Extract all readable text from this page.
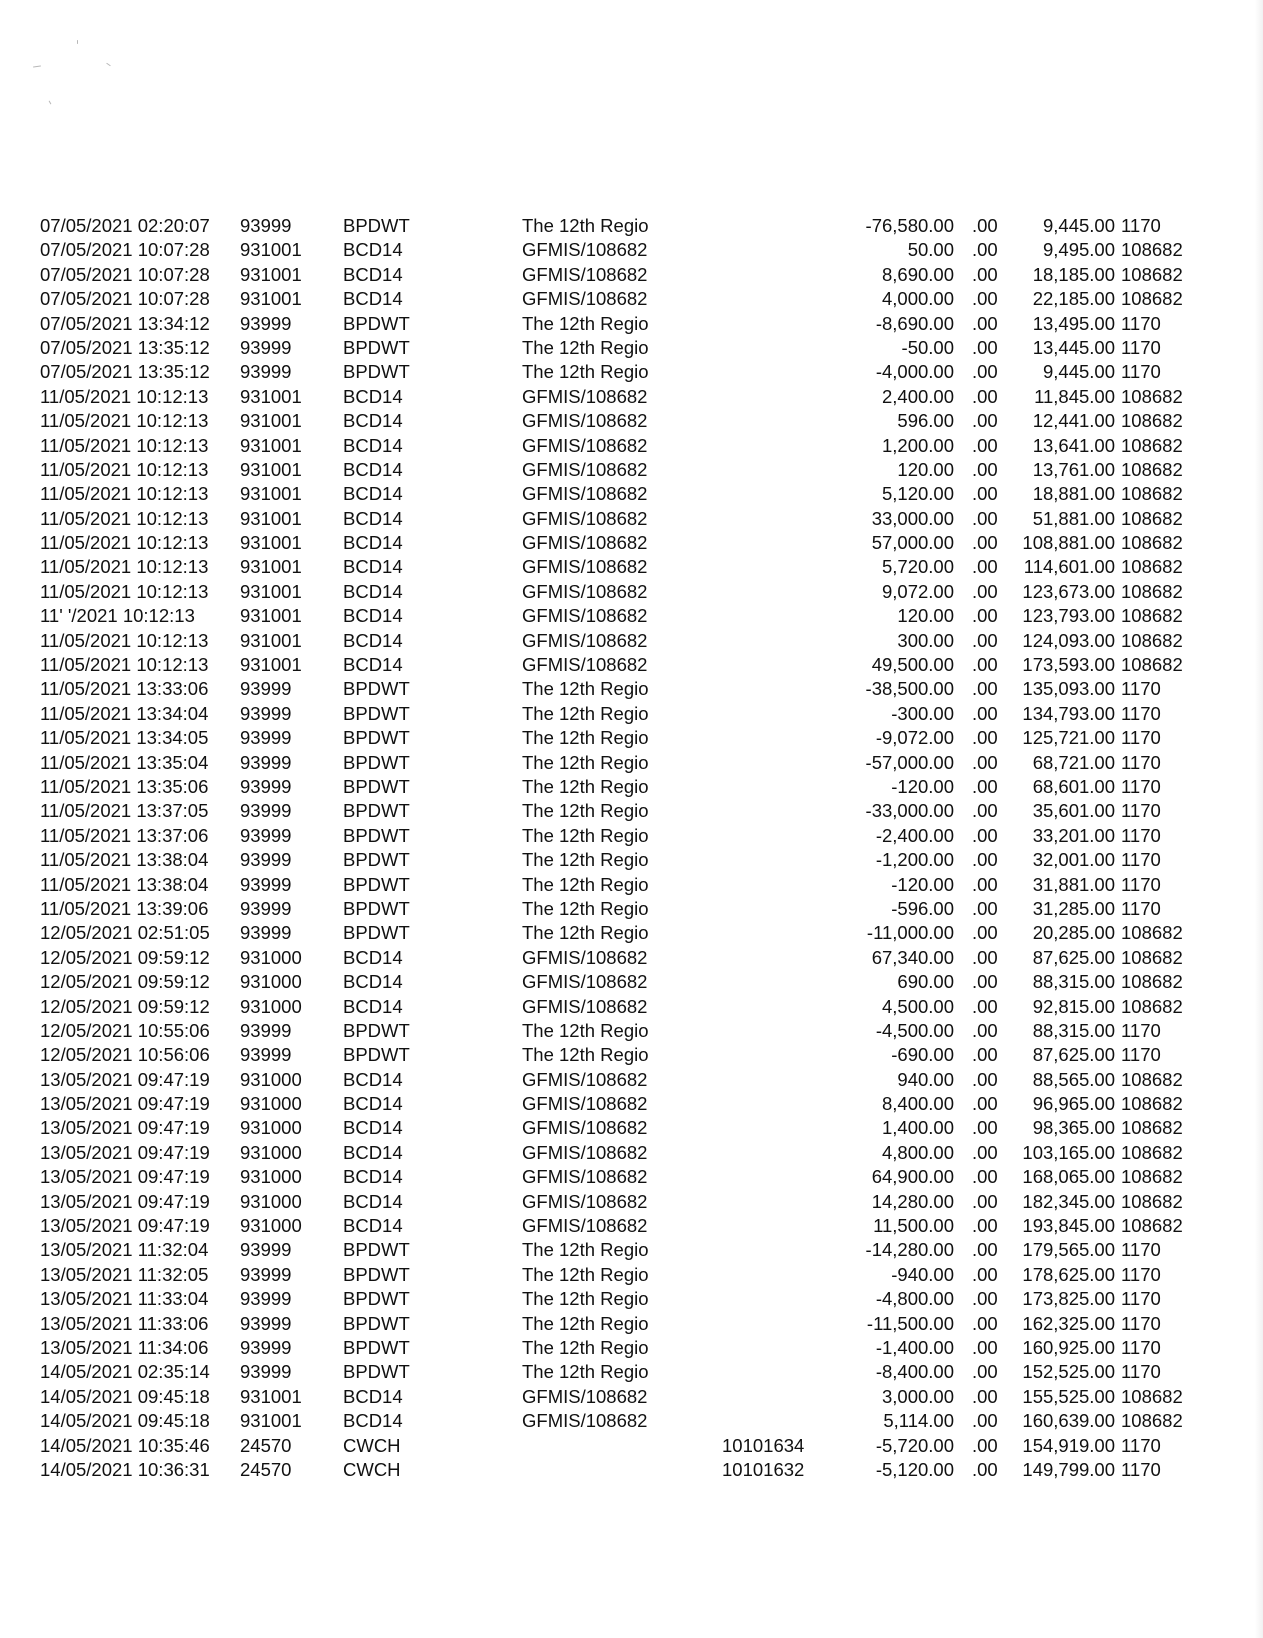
07/05/2021 02:20:07 93999	BPDWT	The 12th Regio	-76,580.00 .00	9,445.00 1170
07/05/2021 10:07:28 931001 BCD14	GFMIS/108682	50.00 .00	9,495.00 108682
07/05/2021 10:07:28 931001 BCD14	GFMIS/108682	8,690.00 .00	18,185.00 108682
07/05/2021 10:07:28 931001 BCD14	GFMIS/108682	4,000.00 .00	22,185.00 108682
07/05/2021 13:34:12 93999	BPDWT	The 12th Regio	-8,690.00 .00	13,495.00 1170
07/05/2021 13:35:12 93999	BPDWT	The 12th Regio	-50.00 .00	13,445.00 1170
07/05/2021 13:35:12 93999	BPDWT	The 12th Regio	-4,000.00 .00	9,445.00 1170
11/05/2021 10:12:13 931001 BCD14	GFMIS/108682	2,400.00 .00	11,845.00 108682
11/05/2021 10:12:13 931001 BCD14	GFMIS/108682	596.00 .00	12,441.00 108682
11/05/2021 10:12:13 931001 BCD14	GFMIS/108682	1,200.00 .00	13,641.00 108682
11/05/2021 10:12:13 931001 BCD14	GFMIS/108682	120.00 .00	13,761.00 108682
11/05/2021 10:12:13 931001 BCD14	GFMIS/108682	5,120.00 .00	18,881.00 108682
11/05/2021 10:12:13 931001 BCD14	GFMIS/108682	33,000.00 .00	51,881.00 108682
11/05/2021 10:12:13 931001 BCD14	GFMIS/108682	57,000.00 .00	108,881.00 108682
11/05/2021 10:12:13 931001 BCD14	GFMIS/108682	5,720.00 .00	114,601.00 108682
11/05/2021 10:12:13 931001 BCD14	GFMIS/108682	9,072.00 .00	123,673.00 108682
11' '/2021 10:12:13 931001 BCD14	GFMIS/108682	120.00 .00	123,793.00 108682
11/05/2021 10:12:13 931001 BCD14	GFMIS/108682	300.00 .00	124,093.00 108682
11/05/2021 10:12:13 931001 BCD14	GFMIS/108682	49,500.00 .00	173,593.00 108682
11/05/2021 13:33:06 93999	BPDWT	The 12th Regio	-38,500.00 .00	135,093.00 1170
11/05/2021 13:34:04 93999	BPDWT	The 12th Regio	-300.00 .00	134,793.00 1170
11/05/2021 13:34:05 93999	BPDWT	The 12th Regio	-9,072.00 .00	125,721.00 1170
11/05/2021 13:35:04 93999	BPDWT	The 12th Regio	-57,000.00 .00	68,721.00 1170
11/05/2021 13:35:06 93999	BPDWT	The 12th Regio	-120.00 .00	68,601.00 1170
11/05/2021 13:37:05 93999	BPDWT	The 12th Regio	-33,000.00 .00	35,601.00 1170
11/05/2021 13:37:06 93999	BPDWT	The 12th Regio	-2,400.00 .00	33,201.00 1170
11/05/2021 13:38:04 93999	BPDWT	The 12th Regio	-1,200.00 .00	32,001.00 1170
11/05/2021 13:38:04 93999	BPDWT	The 12th Regio	-120.00 .00	31,881.00 1170
11/05/2021 13:39:06 93999	BPDWT	The 12th Regio	-596.00 .00	31,285.00 1170
12/05/2021 02:51:05 93999	BPDWT	The 12th Regio	-11,000.00 .00	20,285.00 108682
12/05/2021 09:59:12 931000 BCD14	GFMIS/108682	67,340.00 .00	87,625.00 108682
12/05/2021 09:59:12 931000 BCD14	GFMIS/108682	690.00 .00	88,315.00 108682
12/05/2021 09:59:12 931000 BCD14	GFMIS/108682	4,500.00 .00	92,815.00 108682
12/05/2021 10:55:06 93999	BPDWT	The 12th Regio	-4,500.00 .00	88,315.00 1170
12/05/2021 10:56:06 93999	BPDWT	The 12th Regio	-690.00 .00	87,625.00 1170
13/05/2021 09:47:19 931000 BCD14	GFMIS/108682	940.00 .00	88,565.00 108682
13/05/2021 09:47:19 931000 BCD14	GFMIS/108682	8,400.00 .00	96,965.00 108682
13/05/2021 09:47:19 931000 BCD14	GFMIS/108682	1,400.00 .00	98,365.00 108682
13/05/2021 09:47:19 931000 BCD14	GFMIS/108682	4,800.00 .00	103,165.00 108682
13/05/2021 09:47:19 931000 BCD14	GFMIS/108682	64,900.00 .00	168,065.00 108682
13/05/2021 09:47:19 931000 BCD14	GFMIS/108682	14,280.00 .00	182,345.00 108682
13/05/2021 09:47:19 931000 BCD14	GFMIS/108682	11,500.00 .00	193,845.00 108682
13/05/2021 11:32:04 93999	BPDWT	The 12th Regio	-14,280.00 .00	179,565.00 1170
13/05/2021 11:32:05 93999	BPDWT	The 12th Regio	-940.00 .00	178,625.00 1170
13/05/2021 11:33:04 93999	BPDWT	The 12th Regio	-4,800.00 .00	173,825.00 1170
13/05/2021 11:33:06 93999	BPDWT	The 12th Regio	-11,500.00 .00	162,325.00 1170
13/05/2021 11:34:06 93999	BPDWT	The 12th Regio	-1,400.00 .00	160,925.00 1170
14/05/2021 02:35:14 93999	BPDWT	The 12th Regio	-8,400.00 .00	152,525.00 1170
14/05/2021 09:45:18 931001 BCD14	GFMIS/108682	3,000.00 .00	155,525.00 108682
14/05/2021 09:45:18 931001 BCD14	GFMIS/108682	5,114.00 .00	160,639.00 108682
14/05/2021 10:35:46 24570	CWCH	10101634	-5,720.00 .00	154,919.00 1170
14/05/2021 10:36:31 24570	CWCH	10101632	-5,120.00 .00	149,799.00 1170
